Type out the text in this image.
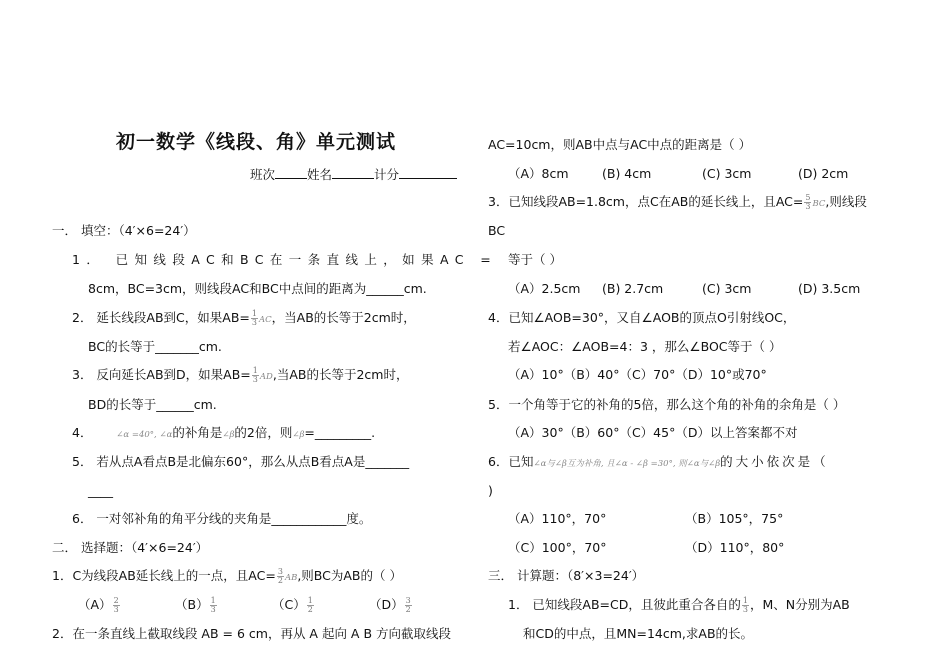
初一数学《线段、角》单元测试
班次	姓名	计分
一． 填空：（4′×6=24′）
1． 已知线段AC和BC在一条直线上，如果AC =
8cm，BC=3cm，则线段AC和BC中点间的距离为______cm.
2． 延长线段AB到C，如果$AB= \frac{1}{3}$ AC，当AB的长等于2cm时，
BC的长等于_______cm.
3． 反向延长AB到D，如果$AB= \frac{1}{3}$ AD,当AB的长等于2cm时，
BD的长等于______cm.
4．	∠α =40°, ∠α的补角是∠β的2倍，则∠β=_________.
5． 若从点A看点B是北偏东60°，那么从点B看点A是_______
____
6． 一对邻补角的角平分线的夹角是____________度。
二． 选择题：（4′×6=24′）
1．C为线段AB延长线上的一点，且$AC= \frac{3}{2}$ AB,则BC为AB的（ ）
$(A) \frac{2}{3}$	$(B) \frac{1}{3}$	$(C) \frac{1}{2}$	$(D) \frac{3}{2}$
2．在一条直线上截取线段 AB = 6 cm，再从 A 起向 A B 方向截取线段
AC=10cm，则AB中点与AC中点的距离是（ ）
（A）8cm	(B) 4cm	(C) 3cm	(D) 2cm
3．已知线段AB=1.8cm，点C在AB的延长线上，且$AC= \frac{5}{3}$ BC,则线段
BC
等于（ ）
（A）2.5cm (B) 2.7cm	(C) 3cm	(D) 3.5cm
4．已知∠AOB=30°，又自∠AOB的顶点O引射线OC，
若∠AOC：∠AOB=4：3 ，那么∠BOC等于（ ）
（A）10°（B）40°（C）70°（D）10°或70°
5．一个角等于它的补角的5倍，那么这个角的补角的余角是（ ）
（A）30°（B）60°（C）45°（D）以上答案都不对
6．已知∠α与∠β互为补角, 且∠α - ∠β =30°, 则∠α与∠β的大小依次是（
)
（A）110°，70°	（B）105°，75°
（C）100°，70°	（D）110°，80°
三． 计算题：（8′×3=24′）
1． 已知线段AB=CD，且彼此重合各自的 $\frac{1}{3}$ ，M、N分别为AB
和CD的中点，且MN=14cm,求AB的长。
